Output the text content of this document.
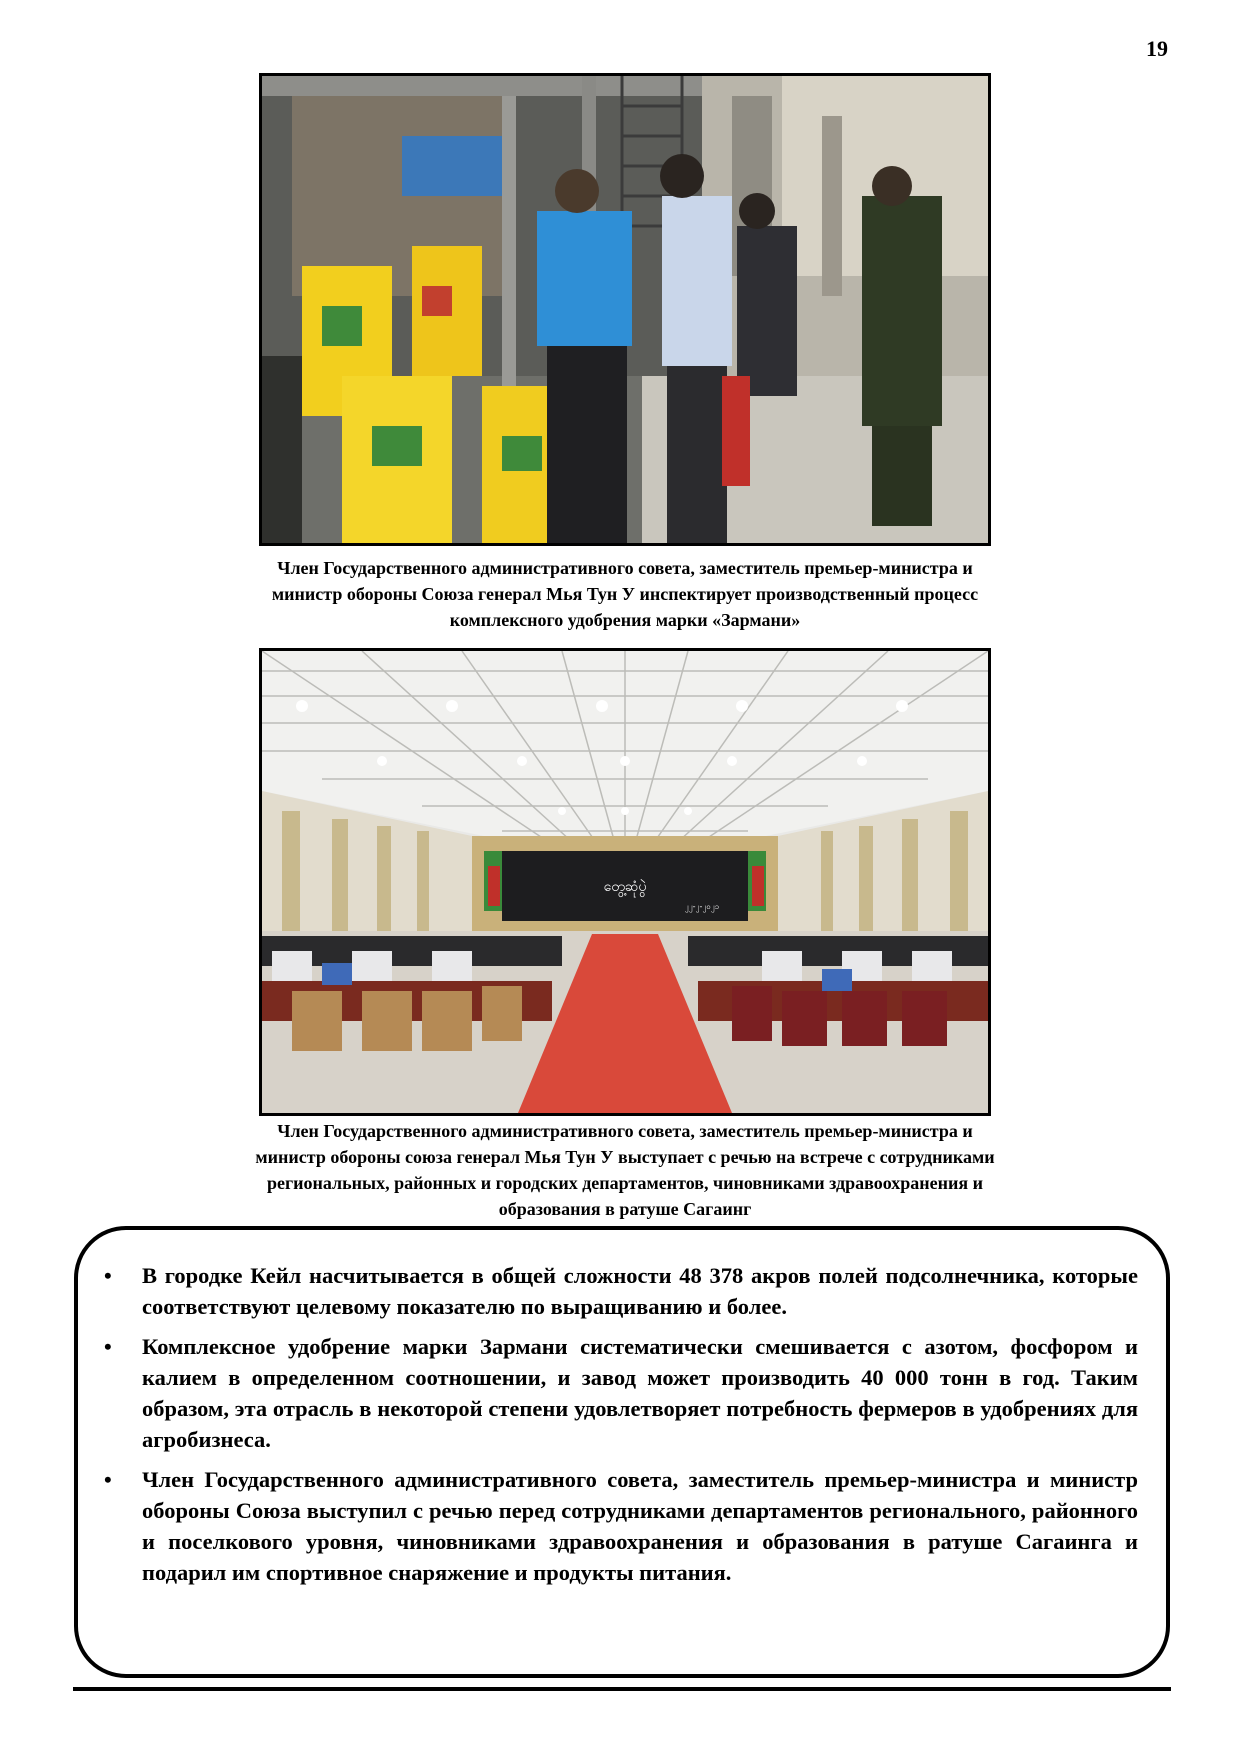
19
Член Государственного административного совета, заместитель премьер-министра и
министр обороны Союза генерал Мья Тун У инспектирует производственный процесс
комплексного удобрения марки «Зармани»
တွေ့ဆုံပွဲ
၂၂-၂-၂၀၂၁
Член Государственного административного совета, заместитель премьер-министра и
министр обороны союза генерал Мья Тун У выступает с речью на встрече с сотрудниками
региональных, районных и городских департаментов, чиновниками здравоохранения и
образования в ратуше Сагаинг
• В городке Кейл насчитывается в общей сложности 48 378 акров полей подсолнечника, которые соответствуют целевому показателю по выращиванию и более.
• Комплексное удобрение марки Зармани систематически смешивается с азотом, фосфором и калием в определенном соотношении, и завод может производить 40 000 тонн в год. Таким образом, эта отрасль в некоторой степени удовлетворяет потребность фермеров в удобрениях для агробизнеса.
• Член Государственного административного совета, заместитель премьер-министра и министр обороны Союза выступил с речью перед сотрудниками департаментов регионального, районного и поселкового уровня, чиновниками здравоохранения и образования в ратуше Сагаинга и подарил им спортивное снаряжение и продукты питания.
